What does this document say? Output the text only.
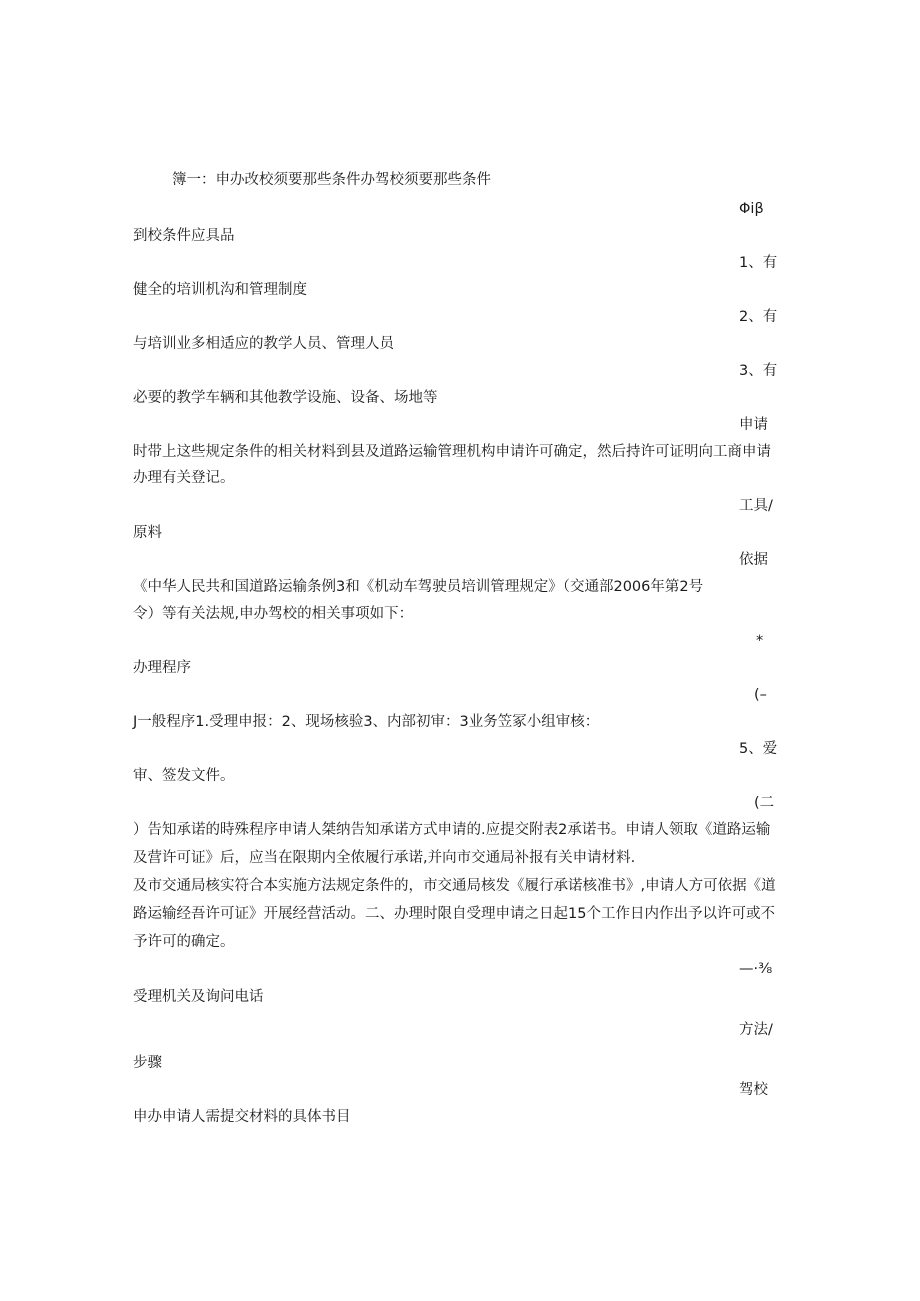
簿一：申办改校须要那些条件办驾校须要那些条件
Φiβ
到校条件应具品
1、有
健全的培训机沟和管理制度
2、有
与培训业多相适应的教学人员、管理人员
3、有
必要的教学车辆和其他教学设施、设备、场地等
申请
时带上这些规定条件的相关材料到县及道路运输管理机构申请许可确定，然后持许可证明向工商申请
办理有关登记。
工具/
原料
依据
《中华人民共和国道路运输条例3和《机动车驾驶员培训管理规定》（交通部2006年第2号
令）等有关法规,申办驾校的相关事项如下：
*
办理程序
(–
J一般程序1.受理申报：2、现场核验3、内部初审：3业务笠冢小组审核：
5、爱
审、签发文件。
(二
）告知承诺的時殊程序申请人桀纳告知承诺方式申请的.应提交附表2承诺书。申请人领取《道路运输
及营许可证》后，应当在限期内全侬履行承诺,并向市交通局补报有关申请材料.
及市交通局核实符合本实施方法规定条件的，市交通局核发《履行承诺核准书》,申请人方可依据《道
路运输经吾许可证》开展经营活动。二、办理时限自受理申请之日起15个工作日内作出予以许可或不
予许可的确定。
—·⅜
受理机关及询问电话
方法/
步骤
驾校
申办申请人需提交材料的具体书目
